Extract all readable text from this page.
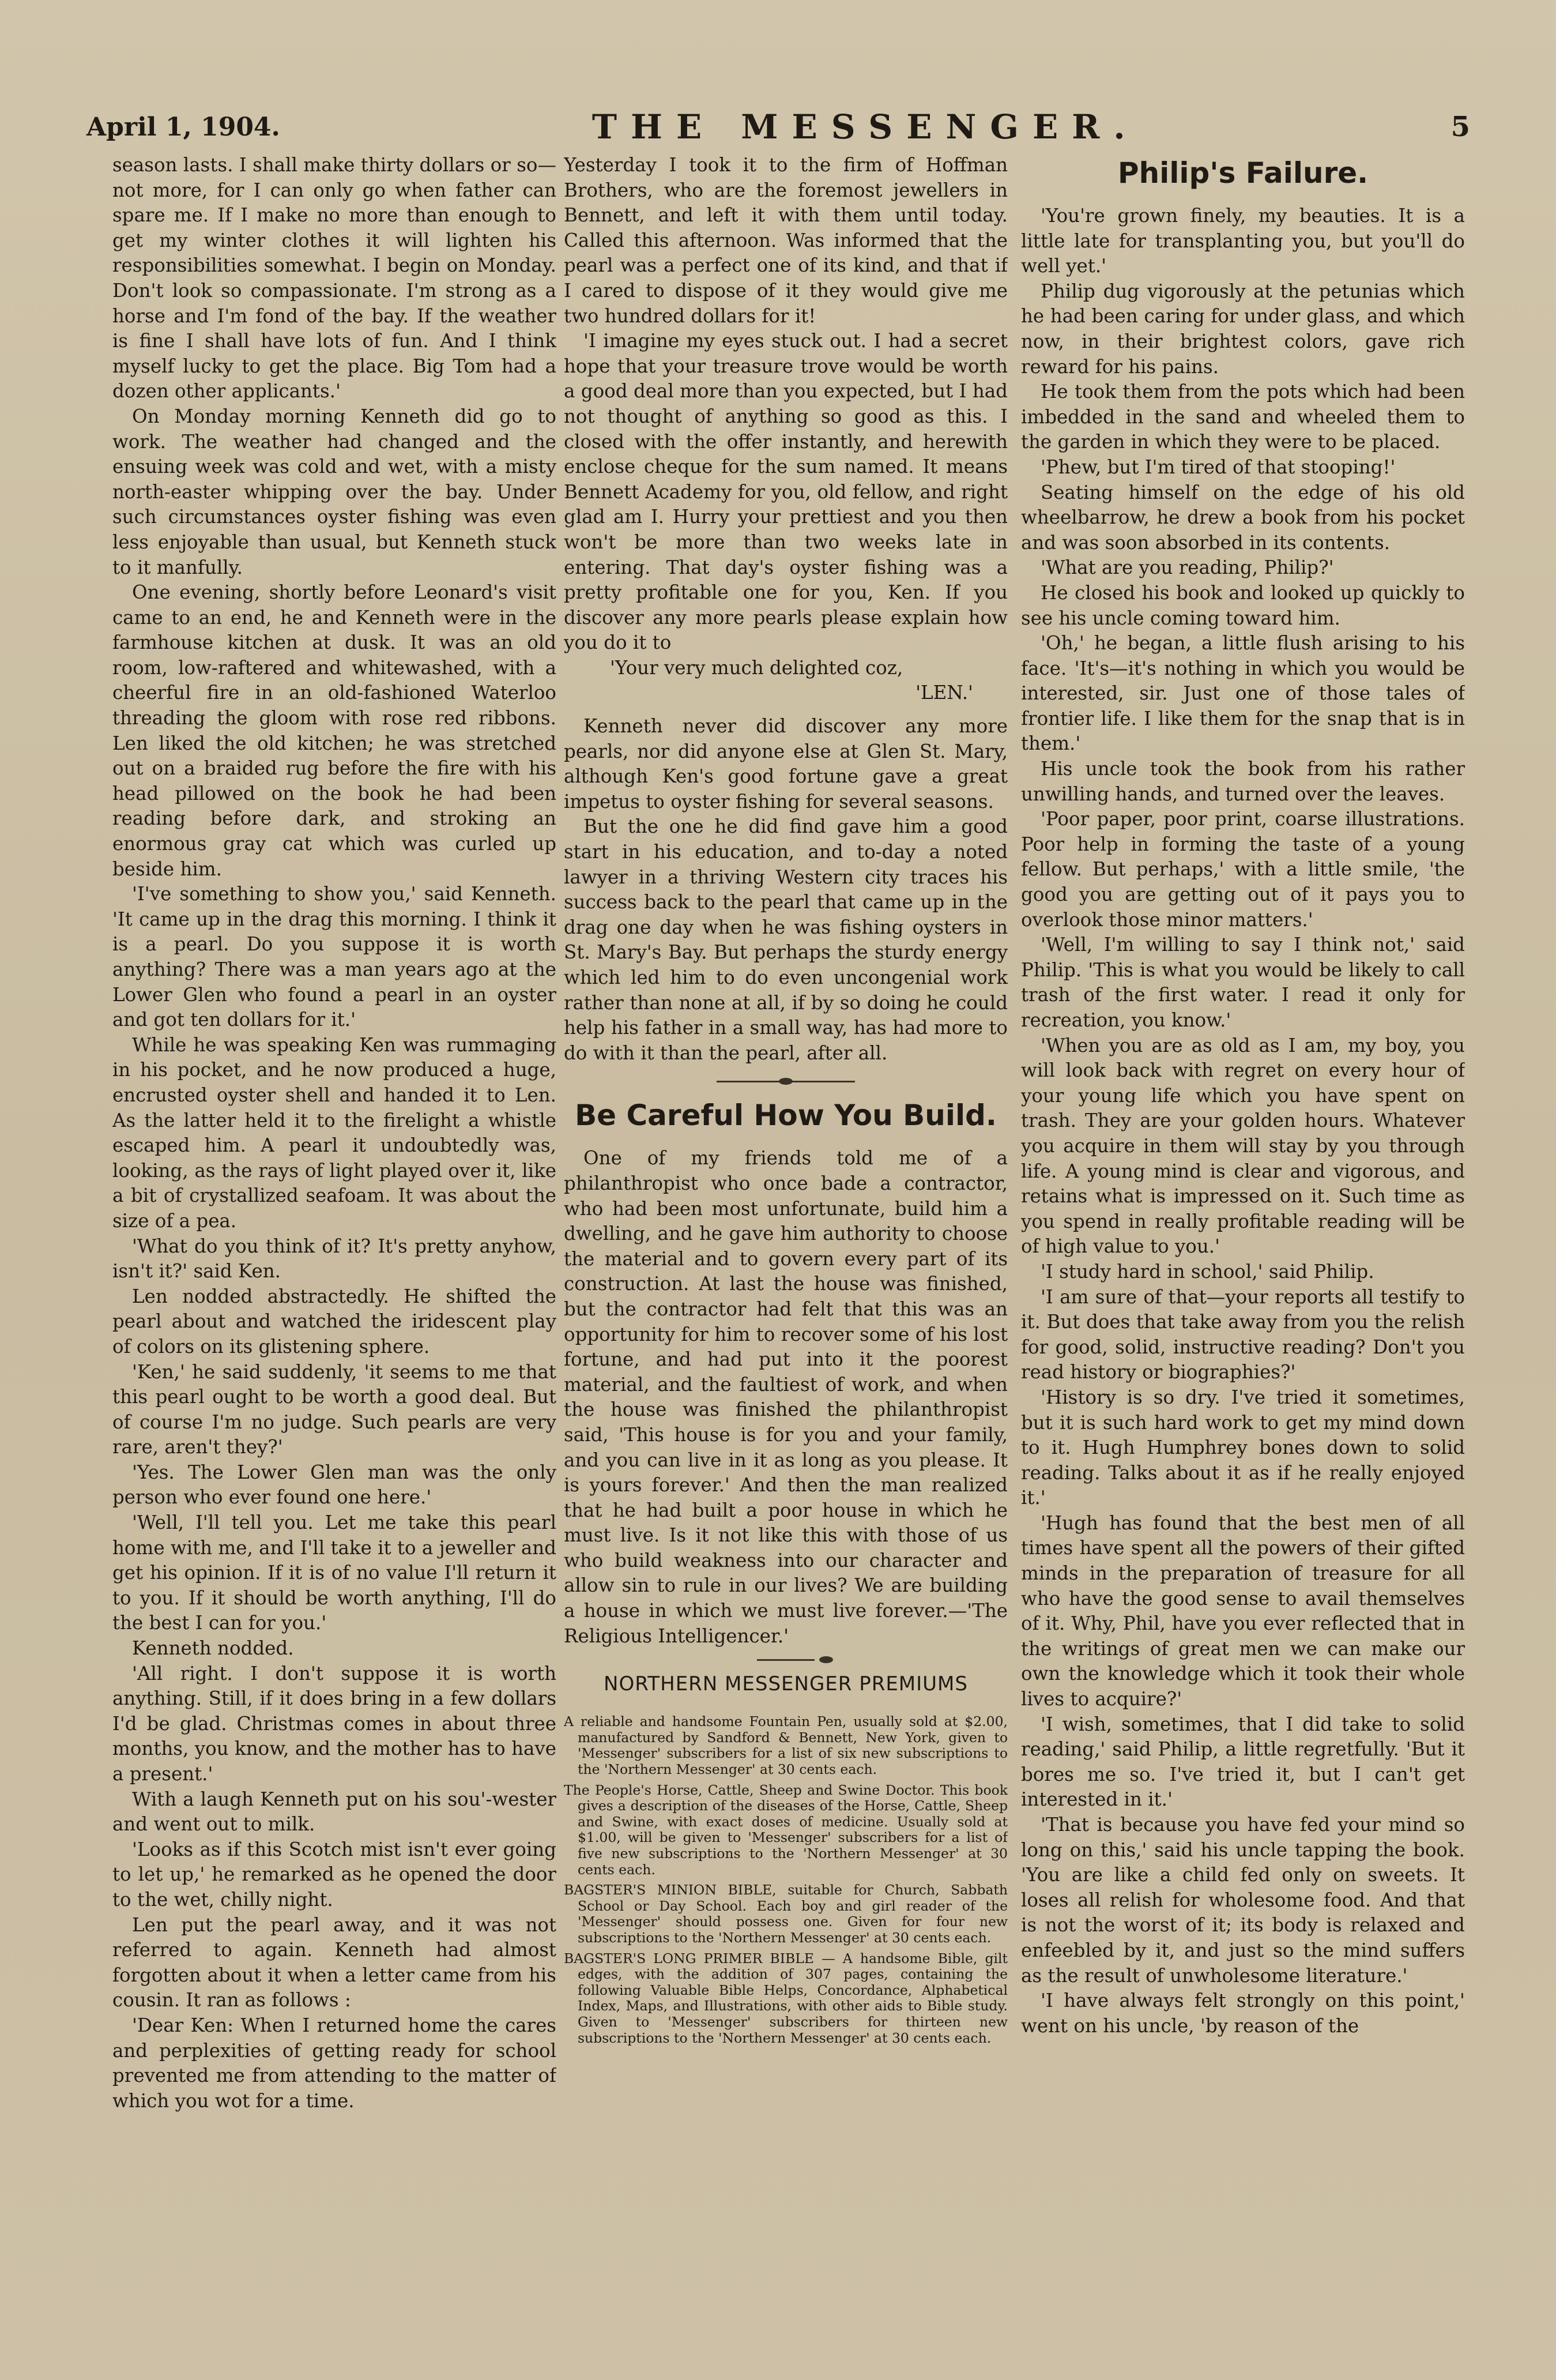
April 1, 1904.	THE MESSENGER.	5

season lasts. I shall make thirty dollars or so—not more, for I can only go when father can spare me. If I make no more than enough to get my winter clothes it will lighten his responsibilities somewhat. I begin on Monday. Don't look so compassionate. I'm strong as a horse and I'm fond of the bay. If the weather is fine I shall have lots of fun. And I think myself lucky to get the place. Big Tom had a dozen other applicants.'

On Monday morning Kenneth did go to work. The weather had changed and the ensuing week was cold and wet, with a misty north-easter whipping over the bay. Under such circumstances oyster fishing was even less enjoyable than usual, but Kenneth stuck to it manfully.

One evening, shortly before Leonard's visit came to an end, he and Kenneth were in the farmhouse kitchen at dusk. It was an old room, low-raftered and whitewashed, with a cheerful fire in an old-fashioned Waterloo threading the gloom with rose red ribbons. Len liked the old kitchen; he was stretched out on a braided rug before the fire with his head pillowed on the book he had been reading before dark, and stroking an enormous gray cat which was curled up beside him.

'I've something to show you,' said Kenneth. 'It came up in the drag this morning. I think it is a pearl. Do you suppose it is worth anything? There was a man years ago at the Lower Glen who found a pearl in an oyster and got ten dollars for it.'

While he was speaking Ken was rummaging in his pocket, and he now produced a huge, encrusted oyster shell and handed it to Len. As the latter held it to the firelight a whistle escaped him. A pearl it undoubtedly was, looking, as the rays of light played over it, like a bit of crystallized seafoam. It was about the size of a pea.

'What do you think of it? It's pretty anyhow, isn't it?' said Ken.

Len nodded abstractedly. He shifted the pearl about and watched the iridescent play of colors on its glistening sphere.

'Ken,' he said suddenly, 'it seems to me that this pearl ought to be worth a good deal. But of course I'm no judge. Such pearls are very rare, aren't they?'

'Yes. The Lower Glen man was the only person who ever found one here.'

'Well, I'll tell you. Let me take this pearl home with me, and I'll take it to a jeweller and get his opinion. If it is of no value I'll return it to you. If it should be worth anything, I'll do the best I can for you.'

Kenneth nodded.

'All right. I don't suppose it is worth anything. Still, if it does bring in a few dollars I'd be glad. Christmas comes in about three months, you know, and the mother has to have a present.'

With a laugh Kenneth put on his sou'-wester and went out to milk.

'Looks as if this Scotch mist isn't ever going to let up,' he remarked as he opened the door to the wet, chilly night.

Len put the pearl away, and it was not referred to again. Kenneth had almost forgotten about it when a letter came from his cousin. It ran as follows :

'Dear Ken: When I returned home the cares and perplexities of getting ready for school prevented me from attending to the matter of which you wot for a time.

Yesterday I took it to the firm of Hoffman Brothers, who are the foremost jewellers in Bennett, and left it with them until today. Called this afternoon. Was informed that the pearl was a perfect one of its kind, and that if I cared to dispose of it they would give me two hundred dollars for it!

'I imagine my eyes stuck out. I had a secret hope that your treasure trove would be worth a good deal more than you expected, but I had not thought of anything so good as this. I closed with the offer instantly, and herewith enclose cheque for the sum named. It means Bennett Academy for you, old fellow, and right glad am I. Hurry your prettiest and you then won't be more than two weeks late in entering. That day's oyster fishing was a pretty profitable one for you, Ken. If you discover any more pearls please explain how you do it to

'Your very much delighted coz,

'LEN.'

Kenneth never did discover any more pearls, nor did anyone else at Glen St. Mary, although Ken's good fortune gave a great impetus to oyster fishing for several seasons.

But the one he did find gave him a good start in his education, and to-day a noted lawyer in a thriving Western city traces his success back to the pearl that came up in the drag one day when he was fishing oysters in St. Mary's Bay. But perhaps the sturdy energy which led him to do even uncongenial work rather than none at all, if by so doing he could help his father in a small way, has had more to do with it than the pearl, after all.

Be Careful How You Build.

One of my friends told me of a philanthropist who once bade a contractor, who had been most unfortunate, build him a dwelling, and he gave him authority to choose the material and to govern every part of its construction. At last the house was finished, but the contractor had felt that this was an opportunity for him to recover some of his lost fortune, and had put into it the poorest material, and the faultiest of work, and when the house was finished the philanthropist said, 'This house is for you and your family, and you can live in it as long as you please. It is yours forever.' And then the man realized that he had built a poor house in which he must live. Is it not like this with those of us who build weakness into our character and allow sin to rule in our lives? We are building a house in which we must live forever.—'The Religious Intelligencer.'

NORTHERN MESSENGER PREMIUMS

A reliable and handsome Fountain Pen, usually sold at $2.00, manufactured by Sandford & Bennett, New York, given to 'Messenger' subscribers for a list of six new subscriptions to the 'Northern Messenger' at 30 cents each.

The People's Horse, Cattle, Sheep and Swine Doctor. This book gives a description of the diseases of the Horse, Cattle, Sheep and Swine, with exact doses of medicine. Usually sold at $1.00, will be given to 'Messenger' subscribers for a list of five new subscriptions to the 'Northern Messenger' at 30 cents each.

BAGSTER'S MINION BIBLE, suitable for Church, Sabbath School or Day School. Each boy and girl reader of the 'Messenger' should possess one. Given for four new subscriptions to the 'Northern Messenger' at 30 cents each.

BAGSTER'S LONG PRIMER BIBLE — A handsome Bible, gilt edges, with the addition of 307 pages, containing the following Valuable Bible Helps, Concordance, Alphabetical Index, Maps, and Illustrations, with other aids to Bible study. Given to 'Messenger' subscribers for thirteen new subscriptions to the 'Northern Messenger' at 30 cents each.

Philip's Failure.

'You're grown finely, my beauties. It is a little late for transplanting you, but you'll do well yet.'

Philip dug vigorously at the petunias which he had been caring for under glass, and which now, in their brightest colors, gave rich reward for his pains.

He took them from the pots which had been imbedded in the sand and wheeled them to the garden in which they were to be placed.

'Phew, but I'm tired of that stooping!'

Seating himself on the edge of his old wheelbarrow, he drew a book from his pocket and was soon absorbed in its contents.

'What are you reading, Philip?'

He closed his book and looked up quickly to see his uncle coming toward him.

'Oh,' he began, a little flush arising to his face. 'It's—it's nothing in which you would be interested, sir. Just one of those tales of frontier life. I like them for the snap that is in them.'

His uncle took the book from his rather unwilling hands, and turned over the leaves.

'Poor paper, poor print, coarse illustrations. Poor help in forming the taste of a young fellow. But perhaps,' with a little smile, 'the good you are getting out of it pays you to overlook those minor matters.'

'Well, I'm willing to say I think not,' said Philip. 'This is what you would be likely to call trash of the first water. I read it only for recreation, you know.'

'When you are as old as I am, my boy, you will look back with regret on every hour of your young life which you have spent on trash. They are your golden hours. Whatever you acquire in them will stay by you through life. A young mind is clear and vigorous, and retains what is impressed on it. Such time as you spend in really profitable reading will be of high value to you.'

'I study hard in school,' said Philip.

'I am sure of that—your reports all testify to it. But does that take away from you the relish for good, solid, instructive reading? Don't you read history or biographies?'

'History is so dry. I've tried it sometimes, but it is such hard work to get my mind down to it. Hugh Humphrey bones down to solid reading. Talks about it as if he really enjoyed it.'

'Hugh has found that the best men of all times have spent all the powers of their gifted minds in the preparation of treasure for all who have the good sense to avail themselves of it. Why, Phil, have you ever reflected that in the writings of great men we can make our own the knowledge which it took their whole lives to acquire?'

'I wish, sometimes, that I did take to solid reading,' said Philip, a little regretfully. 'But it bores me so. I've tried it, but I can't get interested in it.'

'That is because you have fed your mind so long on this,' said his uncle tapping the book. 'You are like a child fed only on sweets. It loses all relish for wholesome food. And that is not the worst of it; its body is relaxed and enfeebled by it, and just so the mind suffers as the result of unwholesome literature.'

'I have always felt strongly on this point,' went on his uncle, 'by reason of the
